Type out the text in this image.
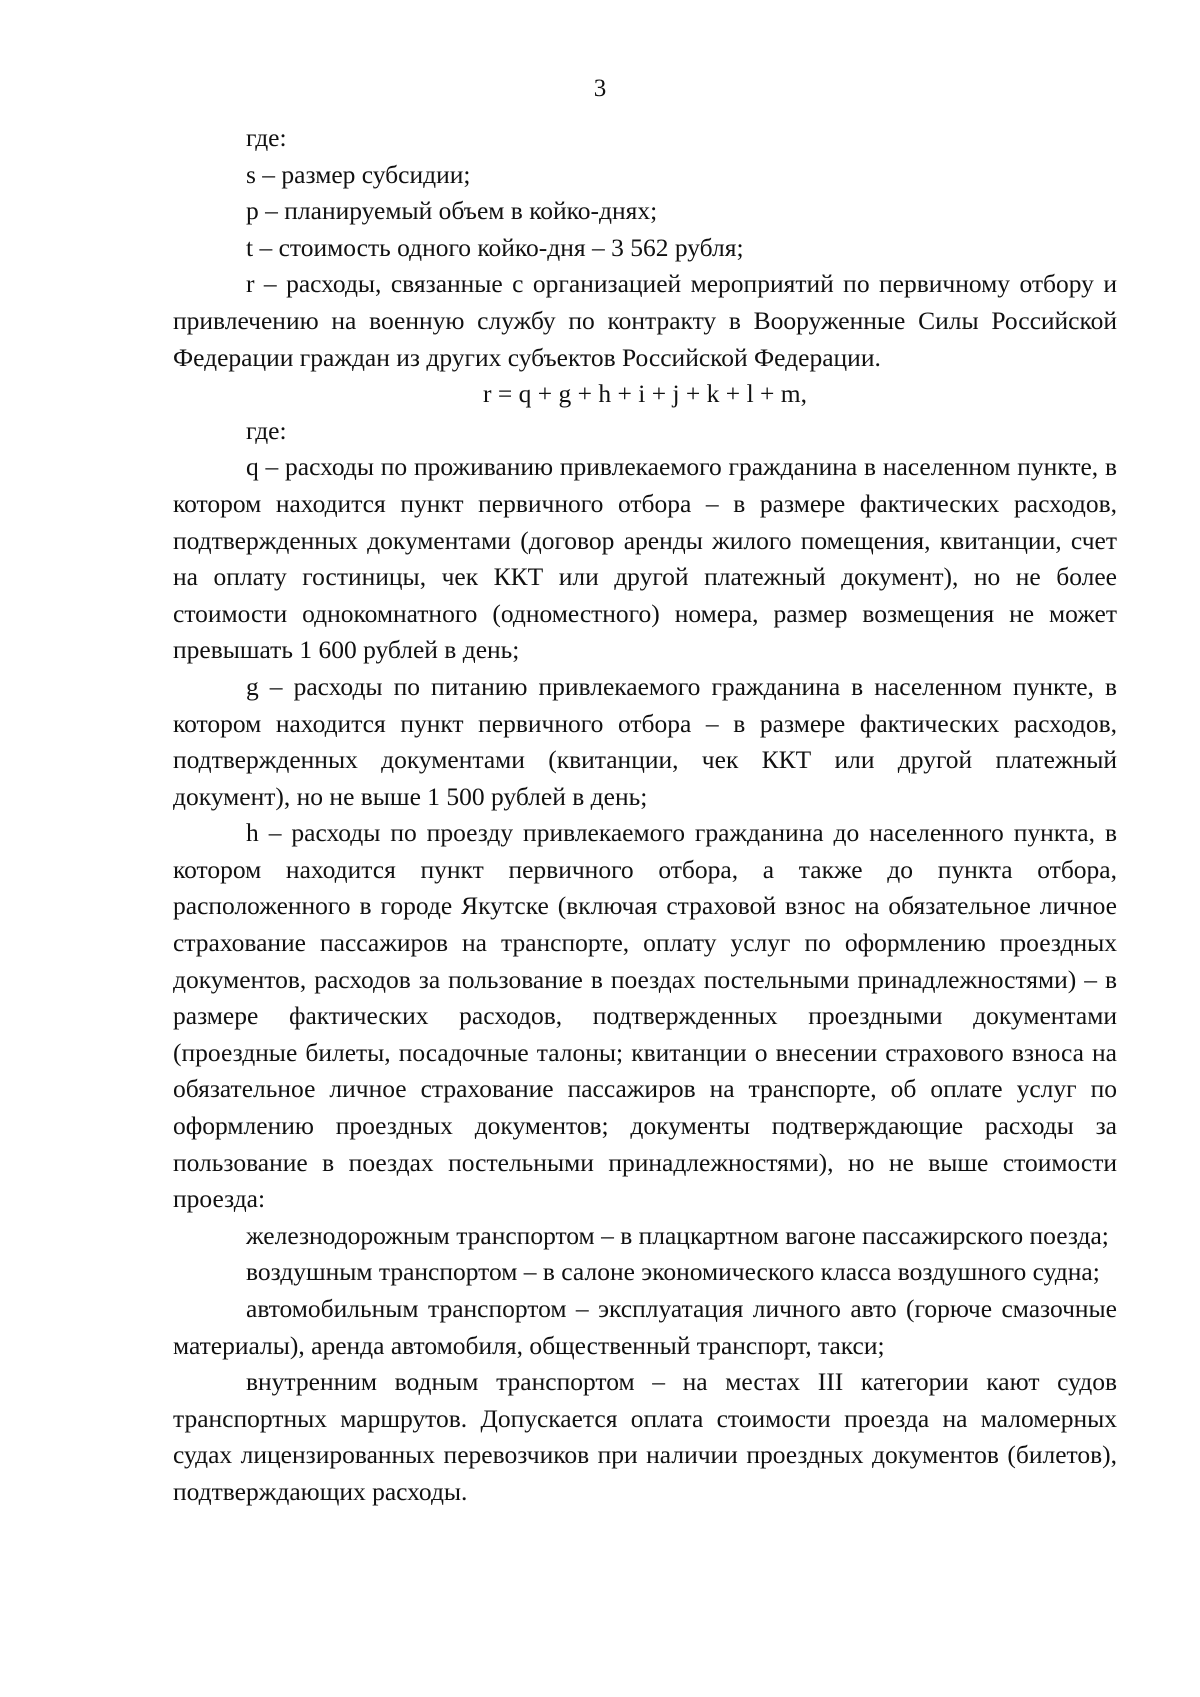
3

где:

s – размер субсидии;

p – планируемый объем в койко-днях;

t – стоимость одного койко-дня – 3 562 рубля;

r – расходы, связанные с организацией мероприятий по первичному отбору и привлечению на военную службу по контракту в Вооруженные Силы Российской Федерации граждан из других субъектов Российской Федерации.

r = q + g + h + i + j + k + l + m,

где:

q – расходы по проживанию привлекаемого гражданина в населенном пункте, в котором находится пункт первичного отбора – в размере фактических расходов, подтвержденных документами (договор аренды жилого помещения, квитанции, счет на оплату гостиницы, чек ККТ или другой платежный документ), но не более стоимости однокомнатного (одноместного) номера, размер возмещения не может превышать 1 600 рублей в день;

g – расходы по питанию привлекаемого гражданина в населенном пункте, в котором находится пункт первичного отбора – в размере фактических расходов, подтвержденных документами (квитанции, чек ККТ или другой платежный документ), но не выше 1 500 рублей в день;

h – расходы по проезду привлекаемого гражданина до населенного пункта, в котором находится пункт первичного отбора, а также до пункта отбора, расположенного в городе Якутске (включая страховой взнос на обязательное личное страхование пассажиров на транспорте, оплату услуг по оформлению проездных документов, расходов за пользование в поездах постельными принадлежностями) – в размере фактических расходов, подтвержденных проездными документами (проездные билеты, посадочные талоны; квитанции о внесении страхового взноса на обязательное личное страхование пассажиров на транспорте, об оплате услуг по оформлению проездных документов; документы подтверждающие расходы за пользование в поездах постельными принадлежностями), но не выше стоимости проезда:

железнодорожным транспортом – в плацкартном вагоне пассажирского поезда;

воздушным транспортом – в салоне экономического класса воздушного судна;

автомобильным транспортом – эксплуатация личного авто (горюче смазочные материалы), аренда автомобиля, общественный транспорт, такси;

внутренним водным транспортом – на местах III категории кают судов транспортных маршрутов. Допускается оплата стоимости проезда на маломерных судах лицензированных перевозчиков при наличии проездных документов (билетов), подтверждающих расходы.
